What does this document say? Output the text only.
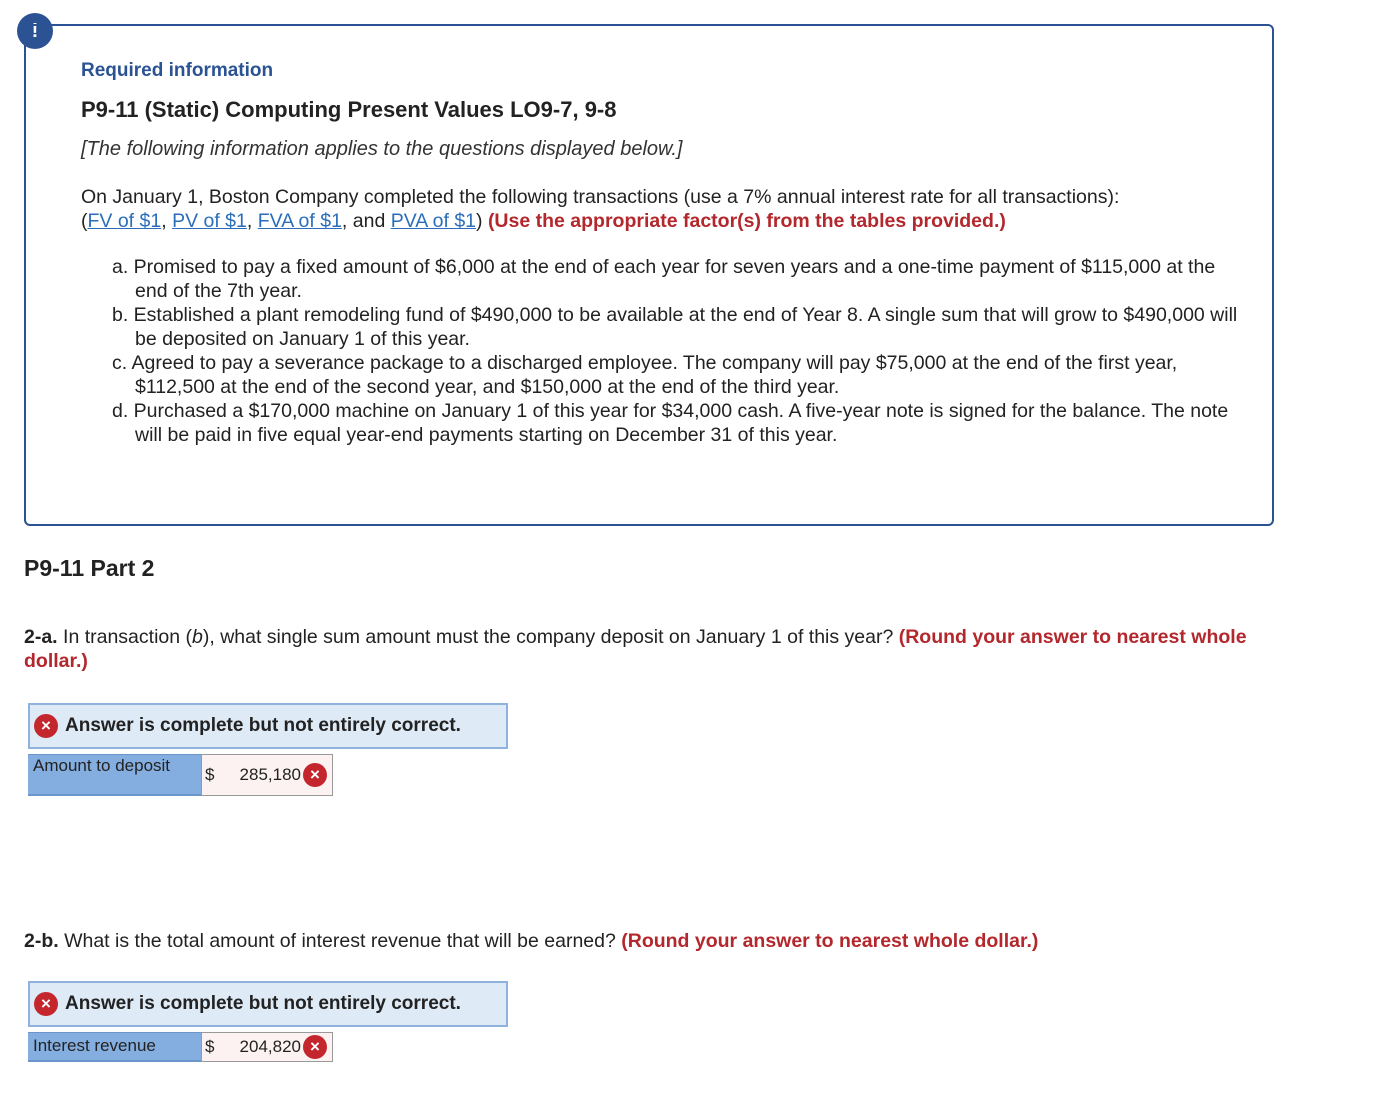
!
Required information
P9-11 (Static) Computing Present Values LO9-7, 9-8
[The following information applies to the questions displayed below.]
On January 1, Boston Company completed the following transactions (use a 7% annual interest rate for all transactions):
(FV of $1, PV of $1, FVA of $1, and PVA of $1) (Use the appropriate factor(s) from the tables provided.)
a. Promised to pay a fixed amount of $6,000 at the end of each year for seven years and a one-time payment of $115,000 at the end of the 7th year.
b. Established a plant remodeling fund of $490,000 to be available at the end of Year 8. A single sum that will grow to $490,000 will be deposited on January 1 of this year.
c. Agreed to pay a severance package to a discharged employee. The company will pay $75,000 at the end of the first year, $112,500 at the end of the second year, and $150,000 at the end of the third year.
d. Purchased a $170,000 machine on January 1 of this year for $34,000 cash. A five-year note is signed for the balance. The note will be paid in five equal year-end payments starting on December 31 of this year.
P9-11 Part 2
2-a. In transaction (b), what single sum amount must the company deposit on January 1 of this year? (Round your answer to nearest whole dollar.)
× Answer is complete but not entirely correct.
Amount to deposit	$ 285,180 ×
2-b. What is the total amount of interest revenue that will be earned? (Round your answer to nearest whole dollar.)
× Answer is complete but not entirely correct.
Interest revenue	$ 204,820 ×
